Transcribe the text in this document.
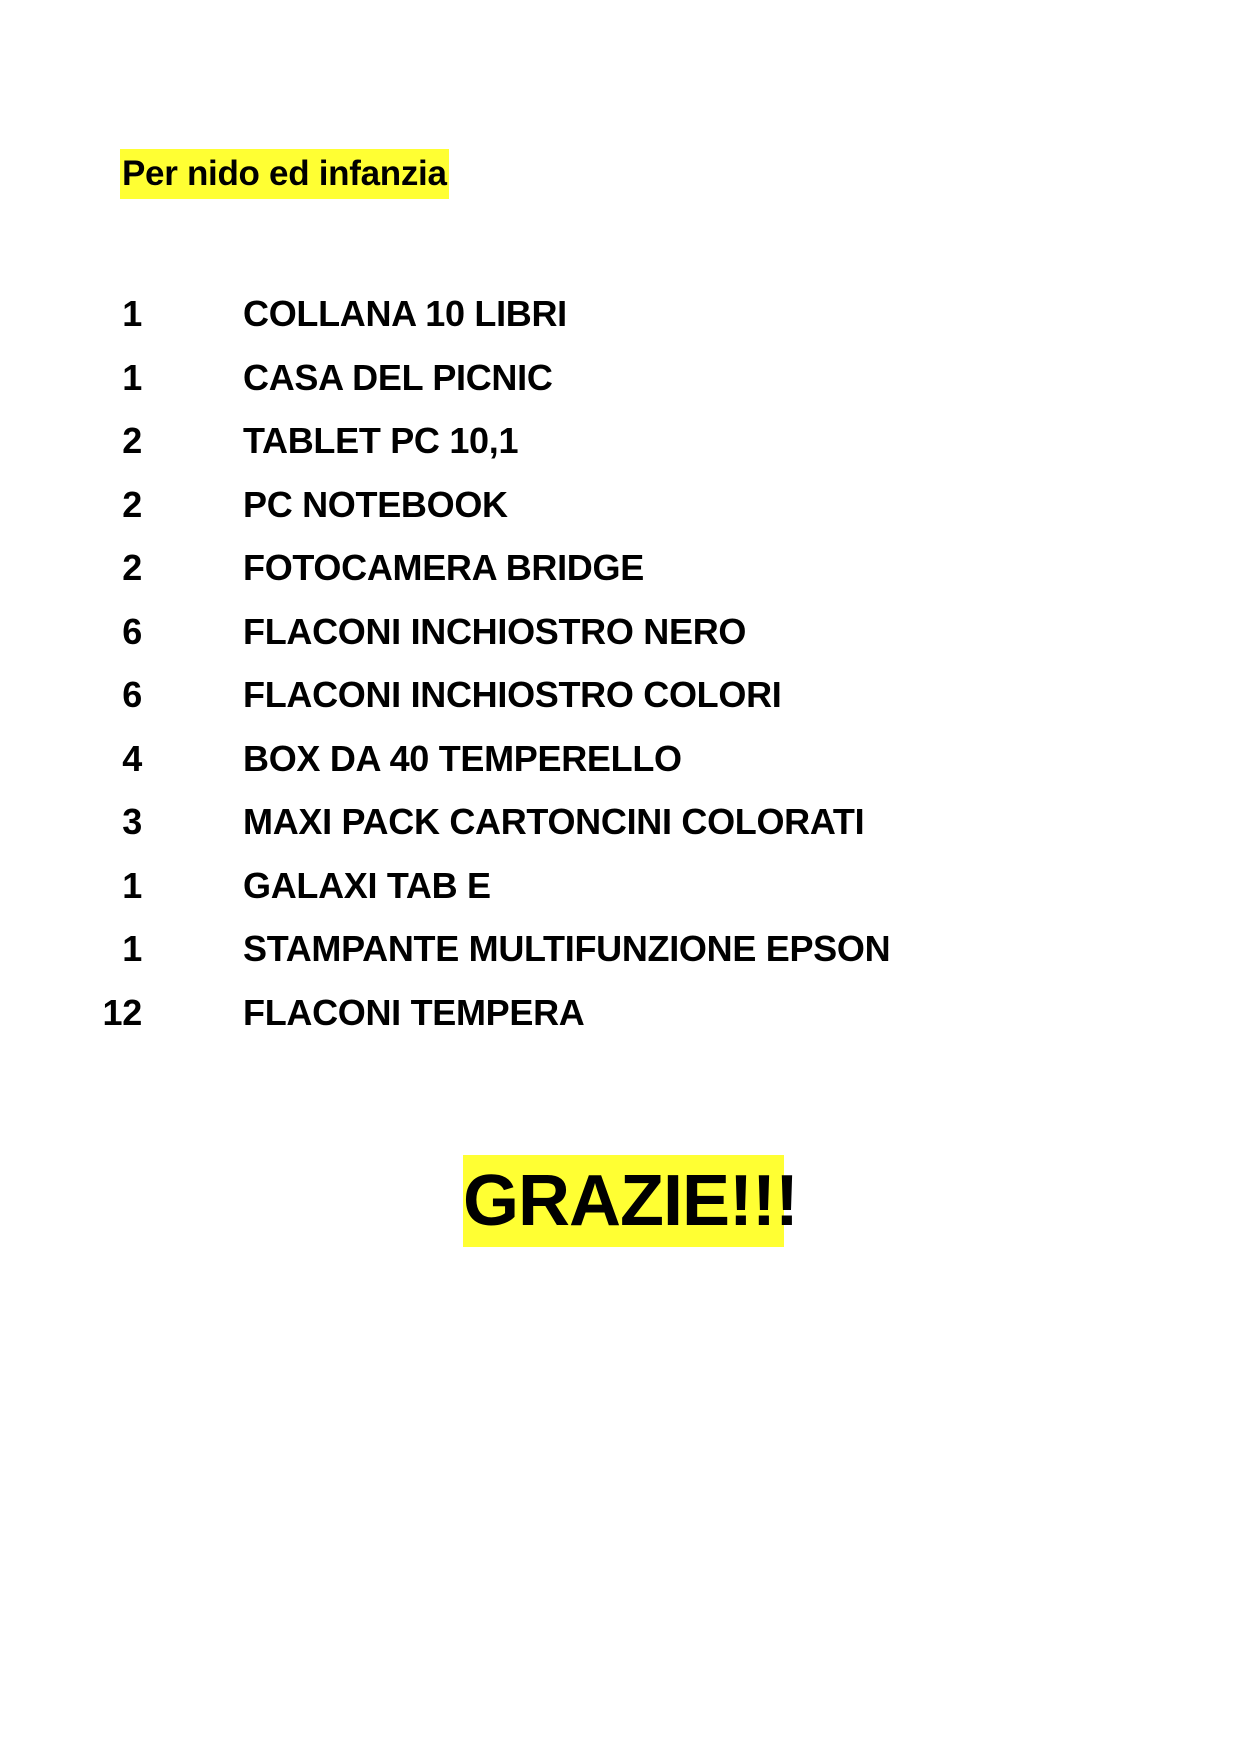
Per nido ed infanzia
1	COLLANA 10 LIBRI
1	CASA DEL PICNIC
2	TABLET PC 10,1
2	PC NOTEBOOK
2	FOTOCAMERA BRIDGE
6	FLACONI INCHIOSTRO NERO
6	FLACONI INCHIOSTRO COLORI
4	BOX DA 40 TEMPERELLO
3	MAXI PACK CARTONCINI COLORATI
1	GALAXI TAB E
1	STAMPANTE MULTIFUNZIONE EPSON
12	FLACONI TEMPERA
GRAZIE!!!
